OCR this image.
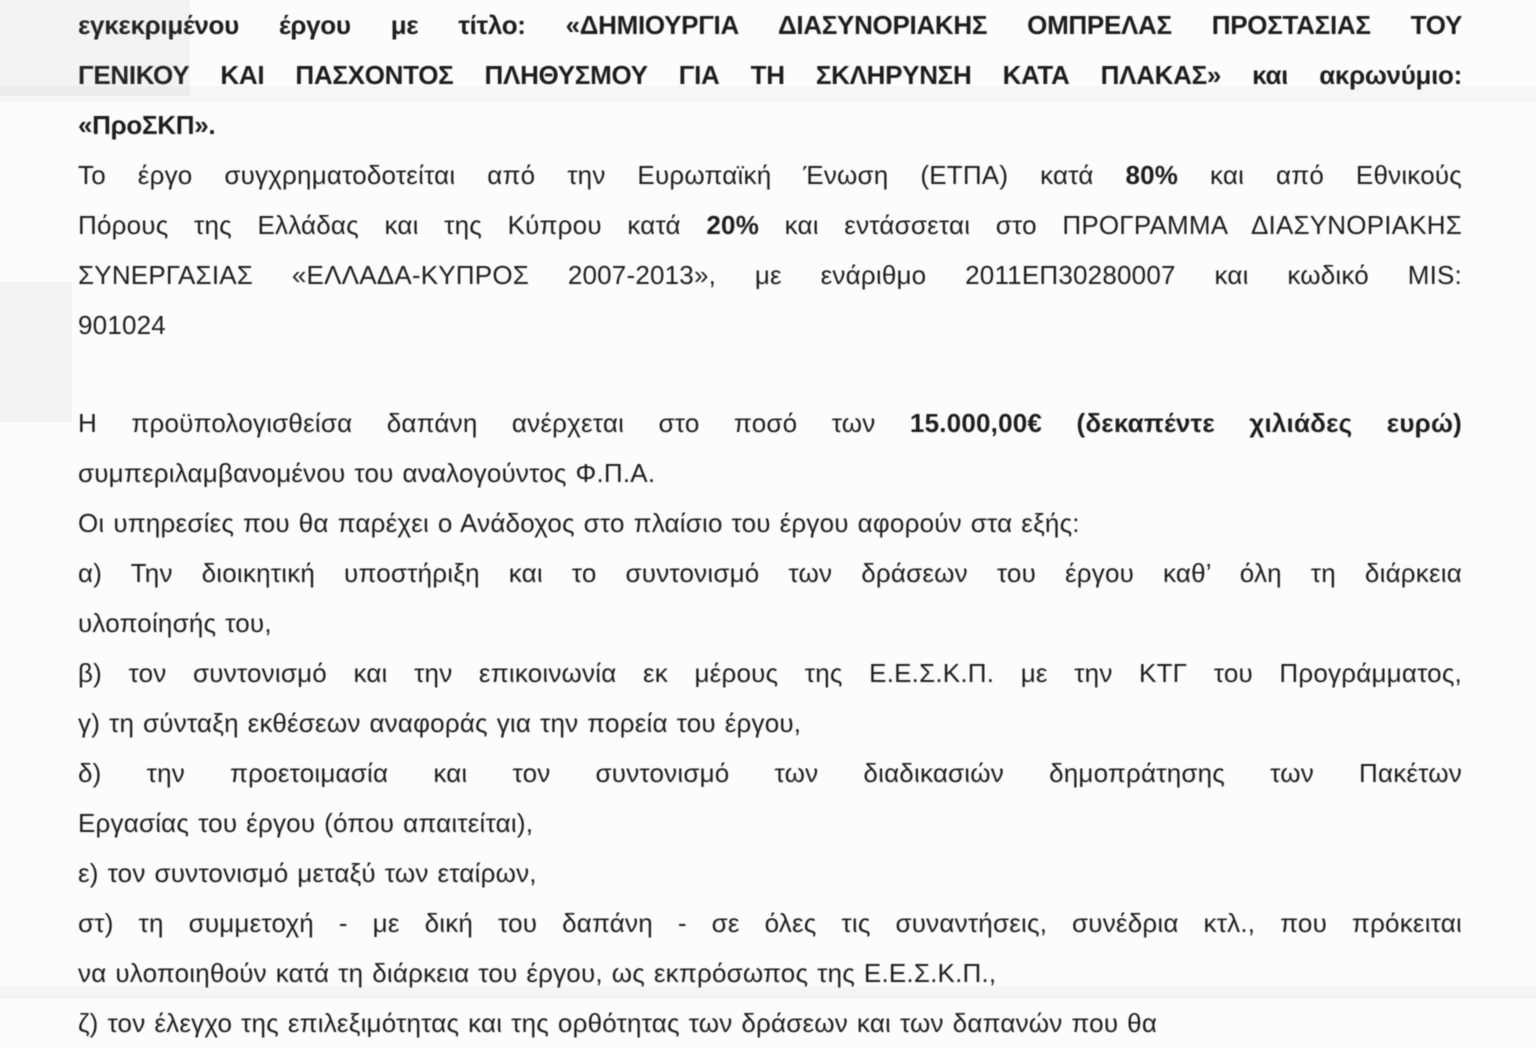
εγκεκριμένου έργου με τίτλο: «ΔΗΜΙΟΥΡΓΙΑ ΔΙΑΣΥΝΟΡΙΑΚΗΣ ΟΜΠΡΕΛΑΣ ΠΡΟΣΤΑΣΙΑΣ ΤΟΥ
ΓΕΝΙΚΟΥ ΚΑΙ ΠΑΣΧΟΝΤΟΣ ΠΛΗΘΥΣΜΟΥ ΓΙΑ ΤΗ ΣΚΛΗΡΥΝΣΗ ΚΑΤΑ ΠΛΑΚΑΣ» και ακρωνύμιο:
«ΠροΣΚΠ».
Το έργο συγχρηματοδοτείται από την Ευρωπαϊκή Ένωση (ΕΤΠΑ) κατά 80% και από Εθνικούς
Πόρους της Ελλάδας και της Κύπρου κατά 20% και εντάσσεται στο ΠΡΟΓΡΑΜΜΑ ΔΙΑΣΥΝΟΡΙΑΚΗΣ
ΣΥΝΕΡΓΑΣΙΑΣ «ΕΛΛΑΔΑ-ΚΥΠΡΟΣ 2007-2013», με ενάριθμο 2011ΕΠ30280007 και κωδικό MIS:
901024
Η προϋπολογισθείσα δαπάνη ανέρχεται στο ποσό των 15.000,00€ (δεκαπέντε χιλιάδες ευρώ)
συμπεριλαμβανομένου του αναλογούντος Φ.Π.Α.
Οι υπηρεσίες που θα παρέχει ο Ανάδοχος στο πλαίσιο του έργου αφορούν στα εξής:
α) Την διοικητική υποστήριξη και το συντονισμό των δράσεων του έργου καθ’ όλη τη διάρκεια
υλοποίησής του,
β) τον συντονισμό και την επικοινωνία εκ μέρους της Ε.Ε.Σ.Κ.Π. με την ΚΤΓ του Προγράμματος,
γ) τη σύνταξη εκθέσεων αναφοράς για την πορεία του έργου,
δ) την προετοιμασία και τον συντονισμό των διαδικασιών δημοπράτησης των Πακέτων
Εργασίας του έργου (όπου απαιτείται),
ε) τον συντονισμό μεταξύ των εταίρων,
στ) τη συμμετοχή - με δική του δαπάνη - σε όλες τις συναντήσεις, συνέδρια κτλ., που πρόκειται
να υλοποιηθούν κατά τη διάρκεια του έργου, ως εκπρόσωπος της Ε.Ε.Σ.Κ.Π.,
ζ) τον έλεγχο της επιλεξιμότητας και της ορθότητας των δράσεων και των δαπανών που θα
